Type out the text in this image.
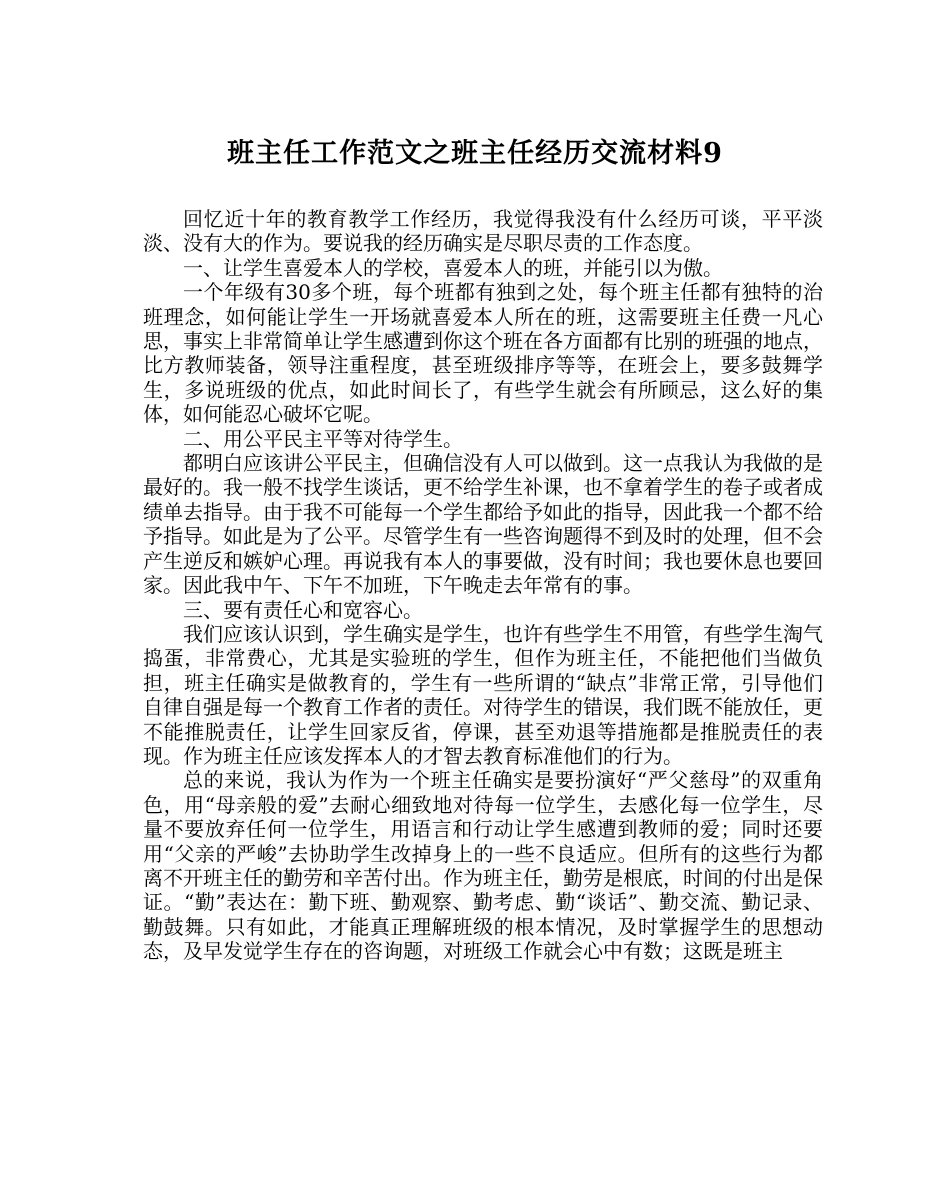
班主任工作范文之班主任经历交流材料9

回忆近十年的教育教学工作经历，我觉得我没有什么经历可谈，平平淡淡、没有大的作为。要说我的经历确实是尽职尽责的工作态度。

一、让学生喜爱本人的学校，喜爱本人的班，并能引以为傲。

一个年级有30多个班，每个班都有独到之处，每个班主任都有独特的治班理念，如何能让学生一开场就喜爱本人所在的班，这需要班主任费一凡心思，事实上非常简单让学生感遭到你这个班在各方面都有比别的班强的地点，比方教师装备，领导注重程度，甚至班级排序等等，在班会上，要多鼓舞学生，多说班级的优点，如此时间长了，有些学生就会有所顾忌，这么好的集体，如何能忍心破坏它呢。

二、用公平民主平等对待学生。

都明白应该讲公平民主，但确信没有人可以做到。这一点我认为我做的是最好的。我一般不找学生谈话，更不给学生补课，也不拿着学生的卷子或者成绩单去指导。由于我不可能每一个学生都给予如此的指导，因此我一个都不给予指导。如此是为了公平。尽管学生有一些咨询题得不到及时的处理，但不会产生逆反和嫉妒心理。再说我有本人的事要做，没有时间；我也要休息也要回家。因此我中午、下午不加班，下午晚走去年常有的事。

三、要有责任心和宽容心。

我们应该认识到，学生确实是学生，也许有些学生不用管，有些学生淘气捣蛋，非常费心，尤其是实验班的学生，但作为班主任，不能把他们当做负担，班主任确实是做教育的，学生有一些所谓的“缺点”非常正常，引导他们自律自强是每一个教育工作者的责任。对待学生的错误，我们既不能放任，更不能推脱责任，让学生回家反省，停课，甚至劝退等措施都是推脱责任的表现。作为班主任应该发挥本人的才智去教育标准他们的行为。

总的来说，我认为作为一个班主任确实是要扮演好“严父慈母”的双重角色，用“母亲般的爱”去耐心细致地对待每一位学生，去感化每一位学生，尽量不要放弃任何一位学生，用语言和行动让学生感遭到教师的爱；同时还要用“父亲的严峻”去协助学生改掉身上的一些不良适应。但所有的这些行为都离不开班主任的勤劳和辛苦付出。作为班主任，勤劳是根底，时间的付出是保证。“勤”表达在：勤下班、勤观察、勤考虑、勤“谈话”、勤交流、勤记录、勤鼓舞。只有如此，才能真正理解班级的根本情况，及时掌握学生的思想动态，及早发觉学生存在的咨询题，对班级工作就会心中有数；这既是班主
